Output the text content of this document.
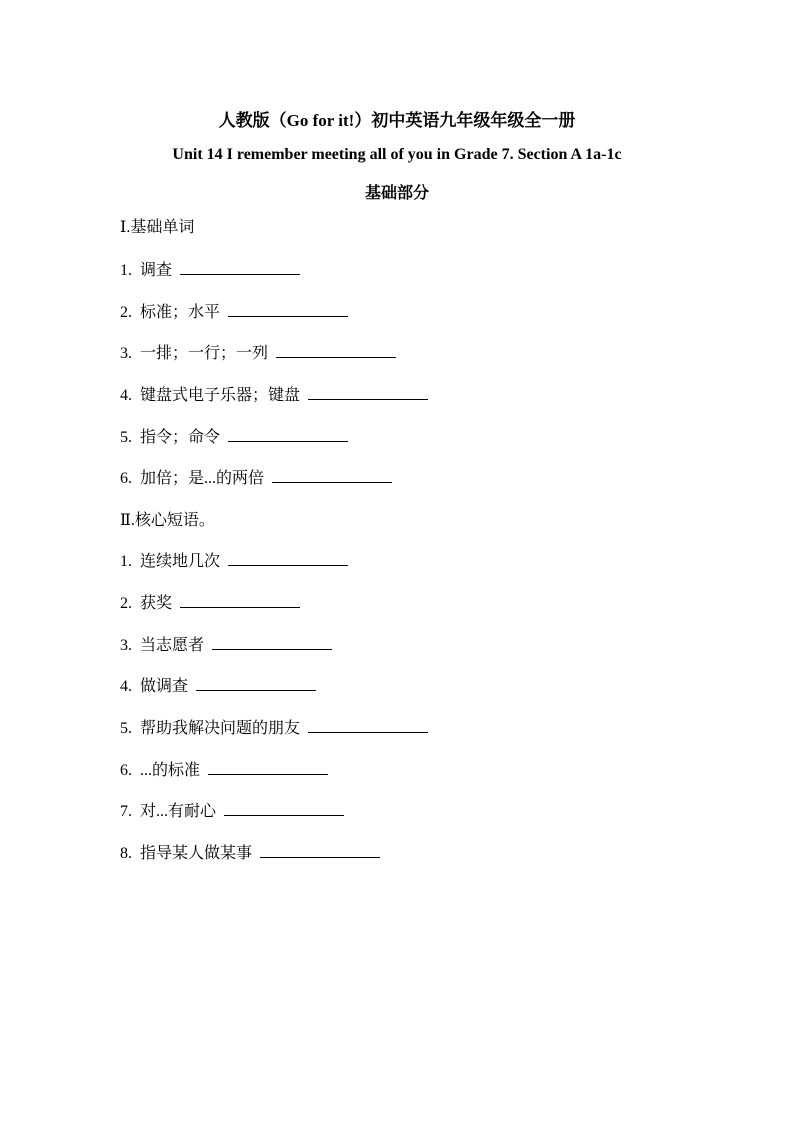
人教版（Go for it!）初中英语九年级年级全一册
Unit 14 I remember meeting all of you in Grade 7. Section A 1a-1c
基础部分
Ⅰ.基础单词
1. 调查
2. 标准；水平
3. 一排；一行；一列
4. 键盘式电子乐器；键盘
5. 指令；命令
6. 加倍；是...的两倍
Ⅱ.核心短语。
1. 连续地几次
2. 获奖
3. 当志愿者
4. 做调查
5. 帮助我解决问题的朋友
6. ...的标准
7. 对...有耐心
8. 指导某人做某事
